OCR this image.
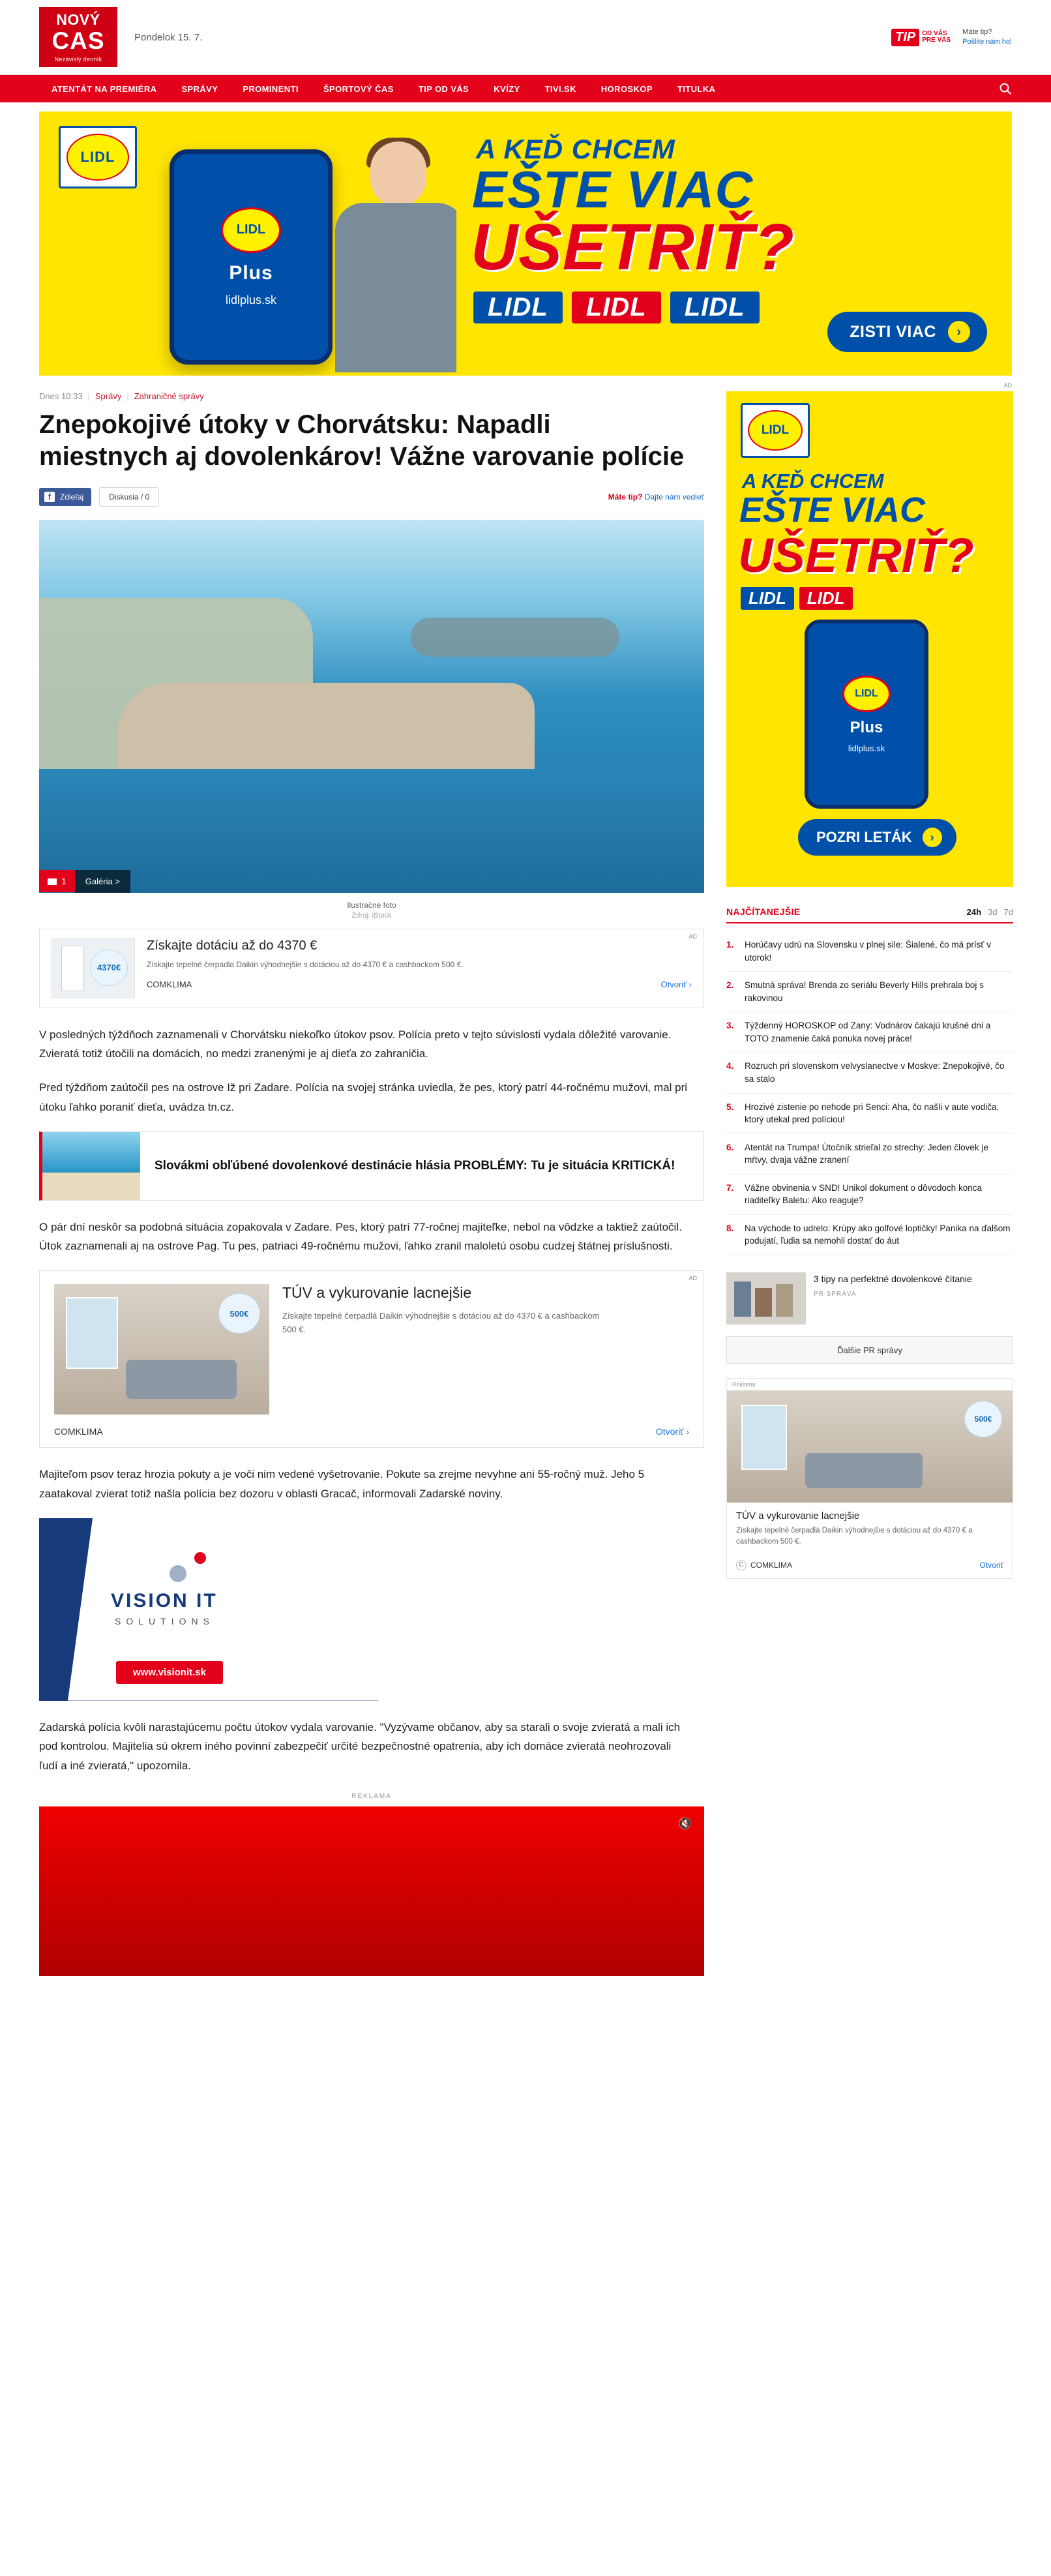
NOVÝ
CAS
Nezávislý denník
Pondelok 15. 7.	TIP	OD VÁS
PRE VÁS
Máte tip?
Pošlite nám ho!
ATENTÁT NA PREMIÉRA	SPRÁVY	PROMINENTI	ŠPORTOVÝ ČAS	TIP OD VÁS	KVÍZY	TIVI.SK	HOROSKOP	TITULKA
LIDL
LIDL
Plus
lidlplus.sk
A KEĎ CHCEM
EŠTE VIAC
UŠETRIŤ?
LIDL	LIDL	LIDL
ZISTI VIAC	›
Dnes 10:33 | Správy | Zahraničné správy
Znepokojivé útoky v Chorvátsku: Napadli miestnych aj dovolenkárov! Vážne varovanie polície
f	Zdieľaj	Diskusia / 0	Máte tip? Dajte nám vedieť
1	Galéria >
Ilustračné foto
Zdroj: iStock
AD
4370€
Získajte dotáciu až do 4370 €
Získajte tepelné čerpadla Daikin výhodnejšie s dotáciou až do 4370 € a cashbackom 500 €.
COMKLIMA	Otvoriť ›

V posledných týždňoch zaznamenali v Chorvátsku niekoľko útokov psov. Polícia preto v tejto súvislosti vydala dôležité varovanie. Zvieratá totiž útočili na domácich, no medzi zranenými je aj dieťa zo zahraničia.

Pred týždňom zaútočil pes na ostrove Iž pri Zadare. Polícia na svojej stránka uviedla, že pes, ktorý patrí 44-ročnému mužovi, mal pri útoku ľahko poraniť dieťa, uvádza tn.cz.

Slovákmi obľúbené dovolenkové destinácie hlásia PROBLÉMY: Tu je situácia KRITICKÁ!

O pár dní neskôr sa podobná situácia zopakovala v Zadare. Pes, ktorý patrí 77-ročnej majiteľke, nebol na vôdzke a taktiež zaútočil. Útok zaznamenali aj na ostrove Pag. Tu pes, patriaci 49-ročnému mužovi, ľahko zranil maloletú osobu cudzej štátnej príslušnosti.

AD
500€
TÚV a vykurovanie lacnejšie
Získajte tepelné čerpadlá Daikin výhodnejšie s dotáciou až do 4370 € a cashbackom 500 €.
COMKLIMA	Otvoriť ›

Majiteľom psov teraz hrozia pokuty a je voči nim vedené vyšetrovanie. Pokute sa zrejme nevyhne ani 55-ročný muž. Jeho 5 zaatakoval zvierat totiž našla polícia bez dozoru v oblasti Gracač, informovali Zadarské noviny.

VISION IT
SOLUTIONS
www.visionit.sk

Zadarská polícia kvôli narastajúcemu počtu útokov vydala varovanie. "Vyzývame občanov, aby sa starali o svoje zvieratá a mali ich pod kontrolou. Majitelia sú okrem iného povinní zabezpečiť určité bezpečnostné opatrenia, aby ich domáce zvieratá neohrozovali ľudí a iné zvieratá," upozornila.

REKLAMA
🔇
AD
LIDL
A KEĎ CHCEM
EŠTE VIAC
UŠETRIŤ?
LIDL	LIDL
LIDL
Plus
lidlplus.sk
POZRI LETÁK	›
NAJČÍTANEJŠIE	24h 3d 7d
1.	Horúčavy udrú na Slovensku v plnej sile: Šialené, čo má prísť v utorok!
2.	Smutná správa! Brenda zo seriálu Beverly Hills prehrala boj s rakovinou
3.	Týždenný HOROSKOP od Zany: Vodnárov čakajú krušné dni a TOTO znamenie čaká ponuka novej práce!
4.	Rozruch pri slovenskom velvyslanectve v Moskve: Znepokojivé, čo sa stalo
5.	Hrozivé zistenie po nehode pri Senci: Aha, čo našli v aute vodiča, ktorý utekal pred políciou!
6.	Atentát na Trumpa! Útočník strieľal zo strechy: Jeden človek je mŕtvy, dvaja vážne zranení
7.	Vážne obvinenia v SND! Unikol dokument o dôvodoch konca riaditeľky Baletu: Ako reaguje?
8.	Na východe to udrelo: Krúpy ako golfové loptičky! Panika na ďalšom podujatí, ľudia sa nemohli dostať do áut
3 tipy na perfektné dovolenkové čítanie
PR SPRÁVA
Ďalšie PR správy
Reklama
500€
TÚV a vykurovanie lacnejšie
Získajte tepelné čerpadlá Daikin výhodnejšie s dotáciou až do 4370 € a cashbackom 500 €.
C COMKLIMA	Otvoriť
